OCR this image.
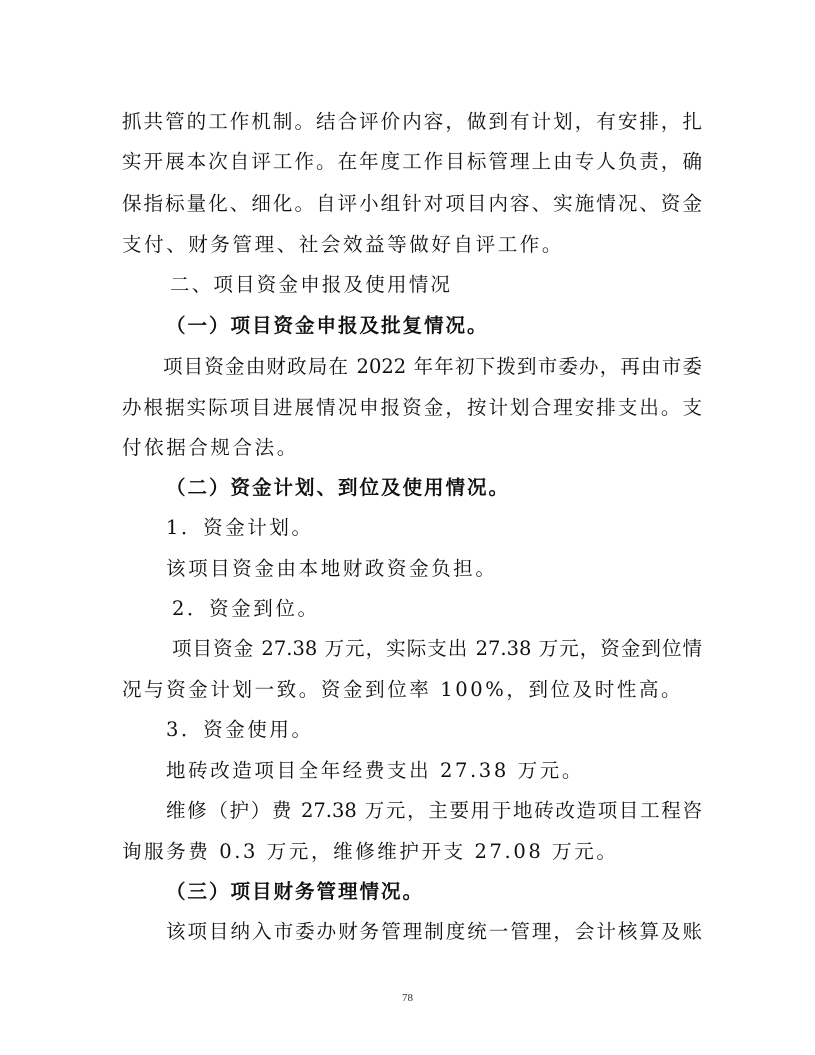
抓共管的工作机制。结合评价内容，做到有计划，有安排，扎
实开展本次自评工作。在年度工作目标管理上由专人负责，确
保指标量化、细化。自评小组针对项目内容、实施情况、资金
支付、财务管理、社会效益等做好自评工作。
二、项目资金申报及使用情况
（一）项目资金申报及批复情况。
项目资金由财政局在 2022 年年初下拨到市委办，再由市委
办根据实际项目进展情况申报资金，按计划合理安排支出。支
付依据合规合法。
（二）资金计划、到位及使用情况。
1．资金计划。
该项目资金由本地财政资金负担。
2．资金到位。
项目资金 27.38 万元，实际支出 27.38 万元，资金到位情
况与资金计划一致。资金到位率 100%，到位及时性高。
3．资金使用。
地砖改造项目全年经费支出 27.38 万元。
维修（护）费 27.38 万元，主要用于地砖改造项目工程咨
询服务费 0.3 万元，维修维护开支 27.08 万元。
（三）项目财务管理情况。
该项目纳入市委办财务管理制度统一管理，会计核算及账
78
